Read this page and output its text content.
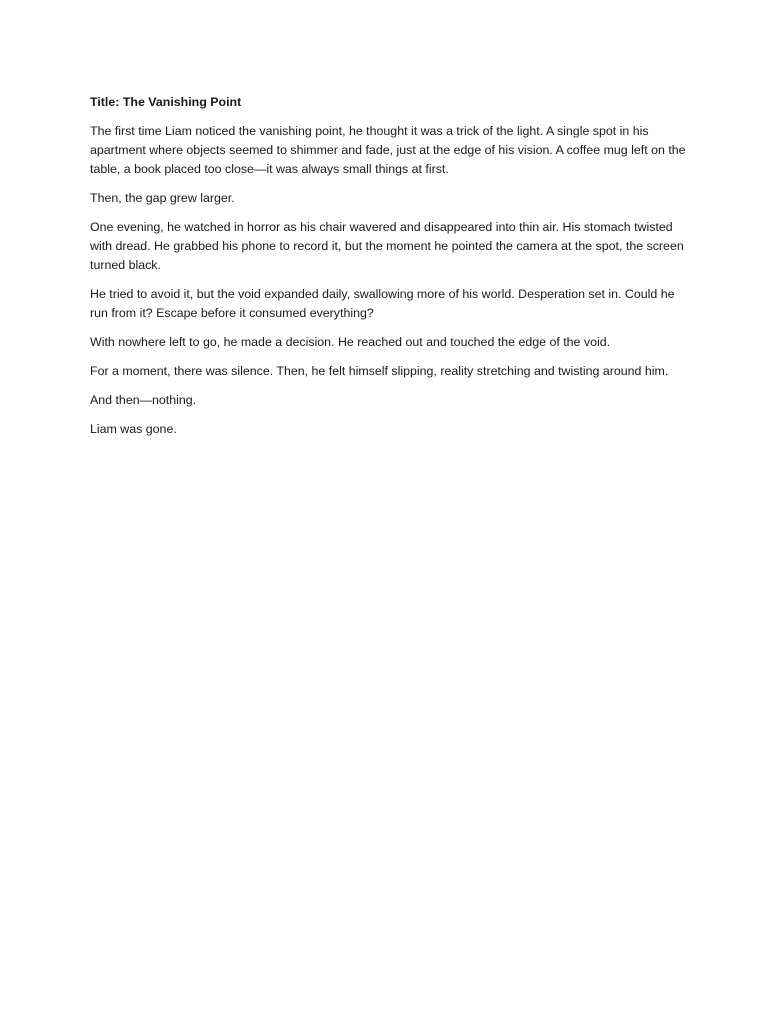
Title: The Vanishing Point

The first time Liam noticed the vanishing point, he thought it was a trick of the light. A single spot in his apartment where objects seemed to shimmer and fade, just at the edge of his vision. A coffee mug left on the table, a book placed too close—it was always small things at first.

Then, the gap grew larger.

One evening, he watched in horror as his chair wavered and disappeared into thin air. His stomach twisted with dread. He grabbed his phone to record it, but the moment he pointed the camera at the spot, the screen turned black.

He tried to avoid it, but the void expanded daily, swallowing more of his world. Desperation set in. Could he run from it? Escape before it consumed everything?

With nowhere left to go, he made a decision. He reached out and touched the edge of the void.

For a moment, there was silence. Then, he felt himself slipping, reality stretching and twisting around him.

And then—nothing.

Liam was gone.
